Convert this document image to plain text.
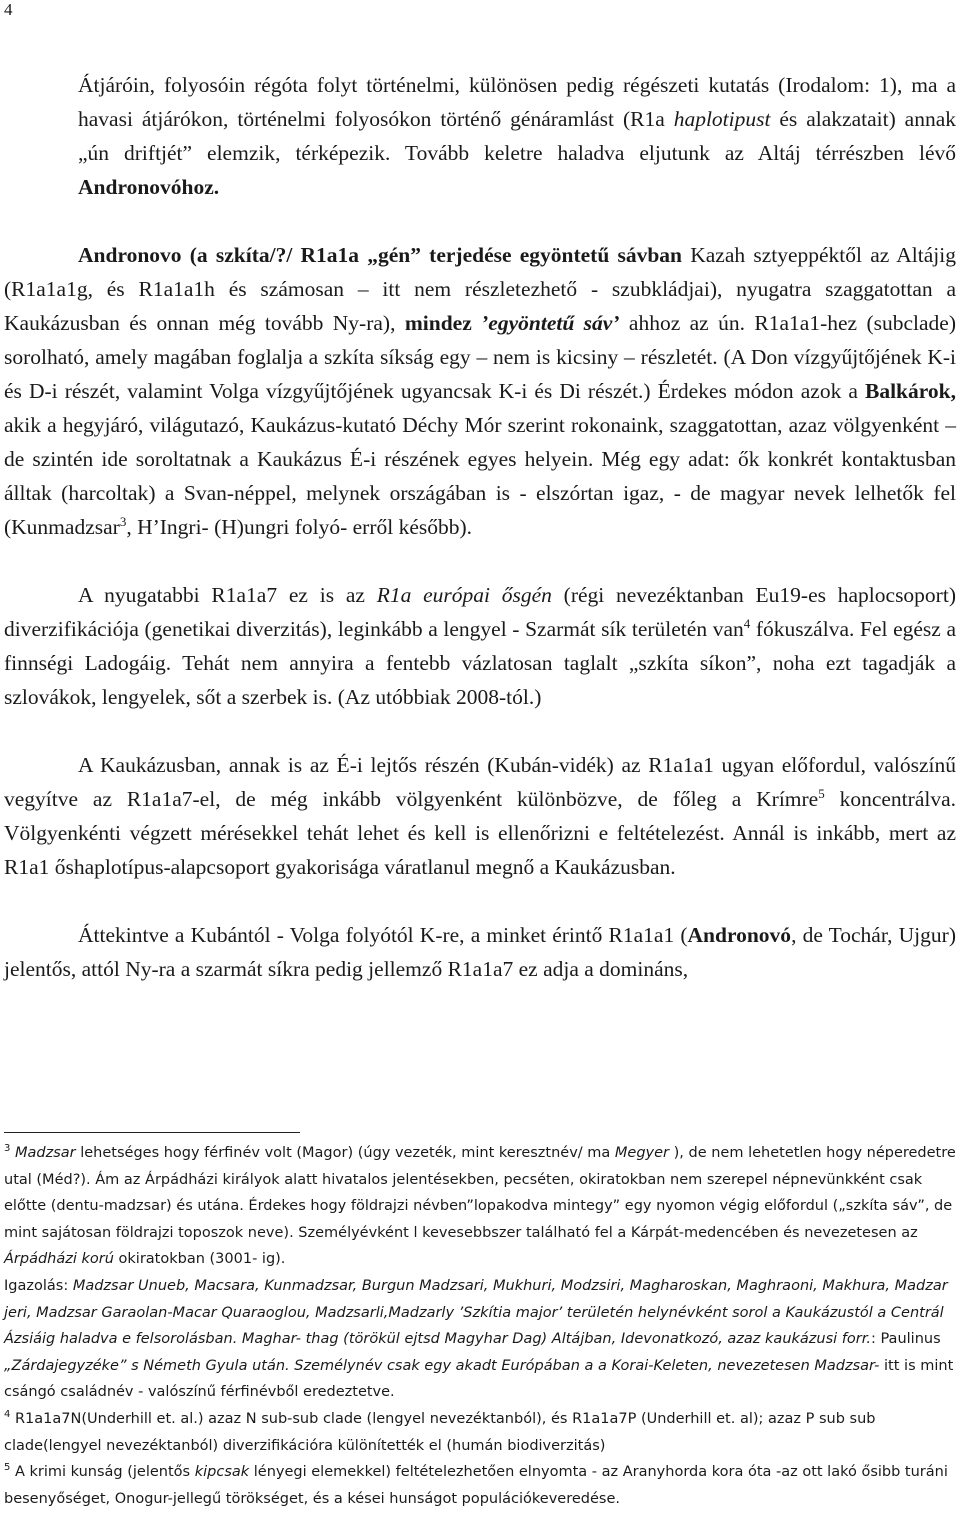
4

Átjáróin, folyosóin régóta folyt történelmi, különösen pedig régészeti kutatás (Irodalom: 1), ma a havasi átjárókon, történelmi folyosókon történő génáramlást (R1a haplotipust és alakzatait) annak „ún driftjét” elemzik, térképezik. Tovább keletre haladva eljutunk az Altáj térrészben lévő Andronovóhoz.

Andronovo (a szkíta/?/ R1a1a „gén” terjedése egyöntetű sávban Kazah sztyeppéktől az Altájig (R1a1a1g, és R1a1a1h és számosan – itt nem részletezhető - szubkládjai), nyugatra szaggatottan a Kaukázusban és onnan még tovább Ny-ra), mindez ’egyöntetű sáv’ ahhoz az ún. R1a1a1-hez (subclade) sorolható, amely magában foglalja a szkíta síkság egy – nem is kicsiny – részletét. (A Don vízgyűjtőjének K-i és D-i részét, valamint Volga vízgyűjtőjének ugyancsak K-i és Di részét.) Érdekes módon azok a Balkárok, akik a hegyjáró, világutazó, Kaukázus-kutató Déchy Mór szerint rokonaink, szaggatottan, azaz völgyenként – de szintén ide soroltatnak a Kaukázus É-i részének egyes helyein. Még egy adat: ők konkrét kontaktusban álltak (harcoltak) a Svan-néppel, melynek országában is - elszórtan igaz, - de magyar nevek lelhetők fel (Kunmadzsar$^3$, H’Ingri- (H)ungri folyó- erről később).

A nyugatabbi R1a1a7 ez is az R1a európai ősgén (régi nevezéktanban Eu19-es haplocsoport) diverzifikációja (genetikai diverzitás), leginkább a lengyel - Szarmát sík területén van$^4$ fókuszálva. Fel egész a finnségi Ladogáig. Tehát nem annyira a fentebb vázlatosan taglalt „szkíta síkon”, noha ezt tagadják a szlovákok, lengyelek, sőt a szerbek is. (Az utóbbiak 2008-tól.)

A Kaukázusban, annak is az É-i lejtős részén (Kubán-vidék) az R1a1a1 ugyan előfordul, valószínű vegyítve az R1a1a7-el, de még inkább völgyenként különbözve, de főleg a Krímre$^5$ koncentrálva. Völgyenkénti végzett mérésekkel tehát lehet és kell is ellenőrizni e feltételezést. Annál is inkább, mert az R1a1 őshaplotípus-alapcsoport gyakorisága váratlanul megnő a Kaukázusban.

Áttekintve a Kubántól - Volga folyótól K-re, a minket érintő R1a1a1 (Andronovó, de Tochár, Ujgur) jelentős, attól Ny-ra a szarmát síkra pedig jellemző R1a1a7 ez adja a domináns,

$^3$ Madzsar lehetséges hogy férfinév volt (Magor) (úgy vezeték, mint keresztnév/ ma Megyer ), de nem lehetetlen hogy néperedetre utal (Méd?). Ám az Árpádházi királyok alatt hivatalos jelentésekben, pecséten, okiratokban nem szerepel népnevünkként csak előtte (dentu-madzsar) és utána. Érdekes hogy földrajzi névben”lopakodva mintegy” egy nyomon végig előfordul („szkíta sáv”, de mint sajátosan földrajzi toposzok neve). Személyévként l kevesebbszer található fel a Kárpát-medencében és nevezetesen az Árpádházi korú okiratokban (3001- ig).
Igazolás: Madzsar Unueb, Macsara, Kunmadzsar, Burgun Madzsari, Mukhuri, Modzsiri, Magharoskan, Maghraoni, Makhura, Madzar jeri, Madzsar Garaolan-Macar Quaraoglou, Madzsarli,Madzarly ’Szkítia major’ területén helynévként sorol a Kaukázustól a Centrál Ázsiáig haladva e felsorolásban. Maghar- thag (törökül ejtsd Magyhar Dag) Altájban, Idevonatkozó, azaz kaukázusi forr.: Paulinus „Zárdajegyzéke” s Németh Gyula után. Személynév csak egy akadt Európában a a Korai-Keleten, nevezetesen Madzsar- itt is mint csángó családnév - valószínű férfinévből eredeztetve.

$^4$ R1a1a7N(Underhill et. al.) azaz N sub-sub clade (lengyel nevezéktanból), és R1a1a7P (Underhill et. al); azaz P sub sub clade(lengyel nevezéktanból) diverzifikációra különítették el (humán biodiverzitás)

$^5$ A krimi kunság (jelentős kipcsak lényegi elemekkel) feltételezhetően elnyomta - az Aranyhorda kora óta -az ott lakó ősibb turáni besenyőséget, Onogur-jellegű törökséget, és a kései hunságot populációkeveredése.
